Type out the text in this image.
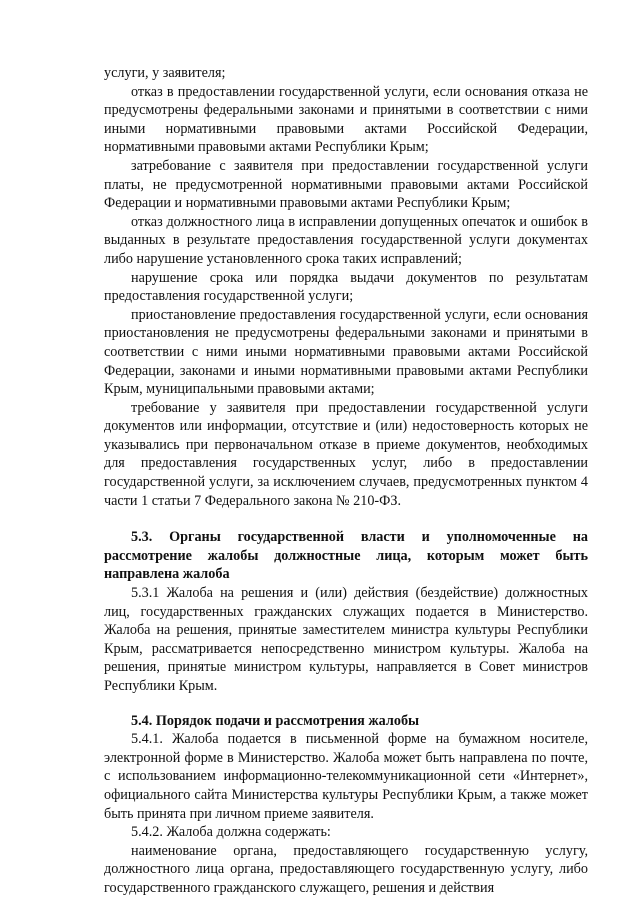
услуги, у заявителя;

отказ в предоставлении государственной услуги, если основания отказа не предусмотрены федеральными законами и принятыми в соответствии с ними иными нормативными правовыми актами Российской Федерации, нормативными правовыми актами Республики Крым;

затребование с заявителя при предоставлении государственной услуги платы, не предусмотренной нормативными правовыми актами Российской Федерации и нормативными правовыми актами Республики Крым;

отказ должностного лица в исправлении допущенных опечаток и ошибок в выданных в результате предоставления государственной услуги документах либо нарушение установленного срока таких исправлений;

нарушение срока или порядка выдачи документов по результатам предоставления государственной услуги;

приостановление предоставления государственной услуги, если основания приостановления не предусмотрены федеральными законами и принятыми в соответствии с ними иными нормативными правовыми актами Российской Федерации, законами и иными нормативными правовыми актами Республики Крым, муниципальными правовыми актами;

требование у заявителя при предоставлении государственной услуги документов или информации, отсутствие и (или) недостоверность которых не указывались при первоначальном отказе в приеме документов, необходимых для предоставления государственных услуг, либо в предоставлении государственной услуги, за исключением случаев, предусмотренных пунктом 4 части 1 статьи 7 Федерального закона № 210-ФЗ.

5.3. Органы государственной власти и уполномоченные на рассмотрение жалобы должностные лица, которым может быть направлена жалоба

5.3.1 Жалоба на решения и (или) действия (бездействие) должностных лиц, государственных гражданских служащих подается в Министерство. Жалоба на решения, принятые заместителем министра культуры Республики Крым, рассматривается непосредственно министром культуры. Жалоба на решения, принятые министром культуры, направляется в Совет министров Республики Крым.

5.4. Порядок подачи и рассмотрения жалобы

5.4.1. Жалоба подается в письменной форме на бумажном носителе, электронной форме в Министерство. Жалоба может быть направлена по почте, с использованием информационно-телекоммуникационной сети «Интернет», официального сайта Министерства культуры Республики Крым, а также может быть принята при личном приеме заявителя.

5.4.2. Жалоба должна содержать:

наименование органа, предоставляющего государственную услугу, должностного лица органа, предоставляющего государственную услугу, либо государственного гражданского служащего, решения и действия
